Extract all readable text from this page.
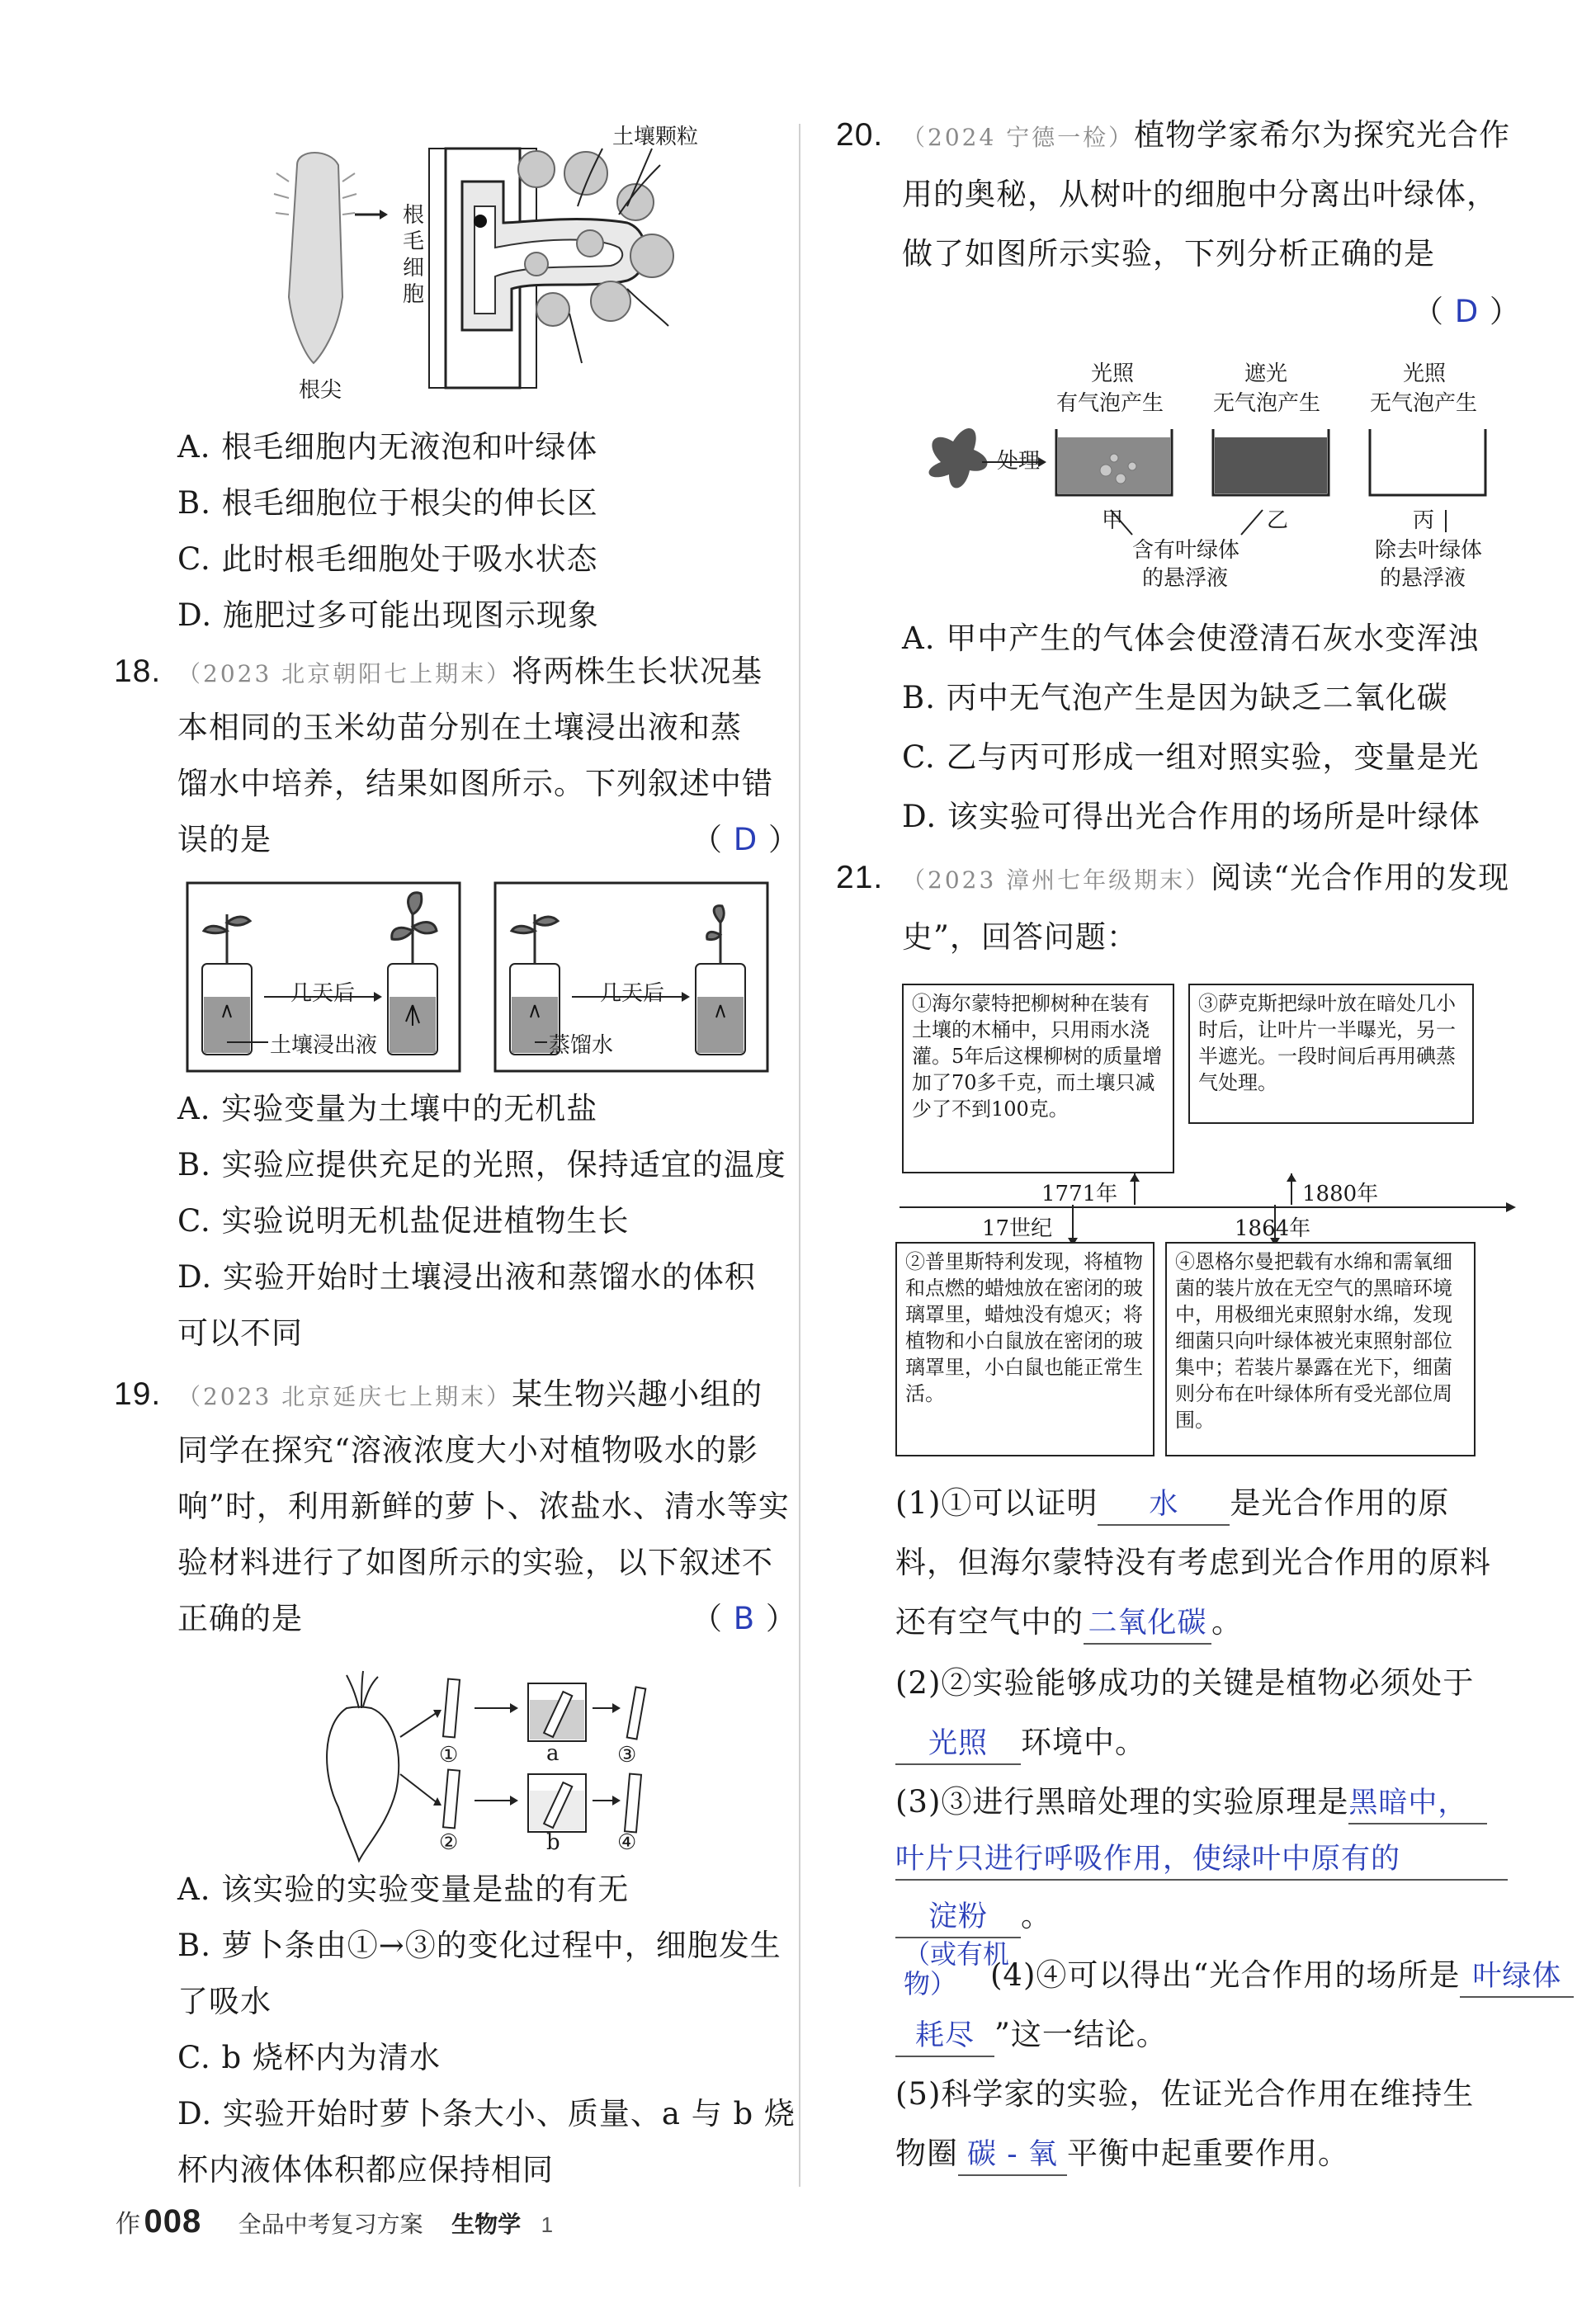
土壤颗粒
根毛细胞
根尖
A. 根毛细胞内无液泡和叶绿体
B. 根毛细胞位于根尖的伸长区
C. 此时根毛细胞处于吸水状态
D. 施肥过多可能出现图示现象
18. （2023 北京朝阳七上期末）将两株生长状况基
本相同的玉米幼苗分别在土壤浸出液和蒸
馏水中培养，结果如图所示。下列叙述中错
误的是	（ D ）
几天后	几天后
土壤浸出液	蒸馏水
A. 实验变量为土壤中的无机盐
B. 实验应提供充足的光照，保持适宜的温度
C. 实验说明无机盐促进植物生长
D. 实验开始时土壤浸出液和蒸馏水的体积
可以不同
19. （2023 北京延庆七上期末）某生物兴趣小组的
同学在探究“溶液浓度大小对植物吸水的影
响”时，利用新鲜的萝卜、浓盐水、清水等实
验材料进行了如图所示的实验，以下叙述不
正确的是	（ B ）
①
②
③
④
a
b
A. 该实验的实验变量是盐的有无
B. 萝卜条由①→③的变化过程中，细胞发生
了吸水
C. b 烧杯内为清水
D. 实验开始时萝卜条大小、质量、a 与 b 烧
杯内液体体积都应保持相同
20. （2024 宁德一检）植物学家希尔为探究光合作
用的奥秘，从树叶的细胞中分离出叶绿体，
做了如图所示实验，下列分析正确的是
（ D ）
光照
有气泡产生
遮光
无气泡产生
光照
无气泡产生
处理
甲	乙	丙
含有叶绿体
的悬浮液
除去叶绿体
的悬浮液
A. 甲中产生的气体会使澄清石灰水变浑浊
B. 丙中无气泡产生是因为缺乏二氧化碳
C. 乙与丙可形成一组对照实验，变量是光
D. 该实验可得出光合作用的场所是叶绿体
21. （2023 漳州七年级期末）阅读“光合作用的发现
史”，回答问题：
①海尔蒙特把柳树种在装有土壤的木桶中，只用雨水浇灌。5年后这棵柳树的质量增加了70多千克，而土壤只减少了不到100克。
③萨克斯把绿叶放在暗处几小时后，让叶片一半曝光，另一半遮光。一段时间后再用碘蒸气处理。
1771年	1880年
17世纪	1864年
②普里斯特利发现，将植物和点燃的蜡烛放在密闭的玻璃罩里，蜡烛没有熄灭；将植物和小白鼠放在密闭的玻璃罩里，小白鼠也能正常生活。
④恩格尔曼把载有水绵和需氧细菌的装片放在无空气的黑暗环境中，用极细光束照射水绵，发现细菌只向叶绿体被光束照射部位集中；若装片暴露在光下，细菌则分布在叶绿体所有受光部位周围。
(1)①可以证明 水 是光合作用的原
料，但海尔蒙特没有考虑到光合作用的原料
还有空气中的 二氧化碳 。
(2)②实验能够成功的关键是植物必须处于
光照 环境中。
(3)③进行黑暗处理的实验原理是黑暗中，
叶片只进行呼吸作用，使绿叶中原有的
淀粉 。
（或有机物）	(4)④可以得出“光合作用的场所是 叶绿体
耗尽 ”这一结论。
(5)科学家的实验，佐证光合作用在维持生
物圈 碳 - 氧 平衡中起重要作用。
作 008 全品中考复习方案 生物学 1
